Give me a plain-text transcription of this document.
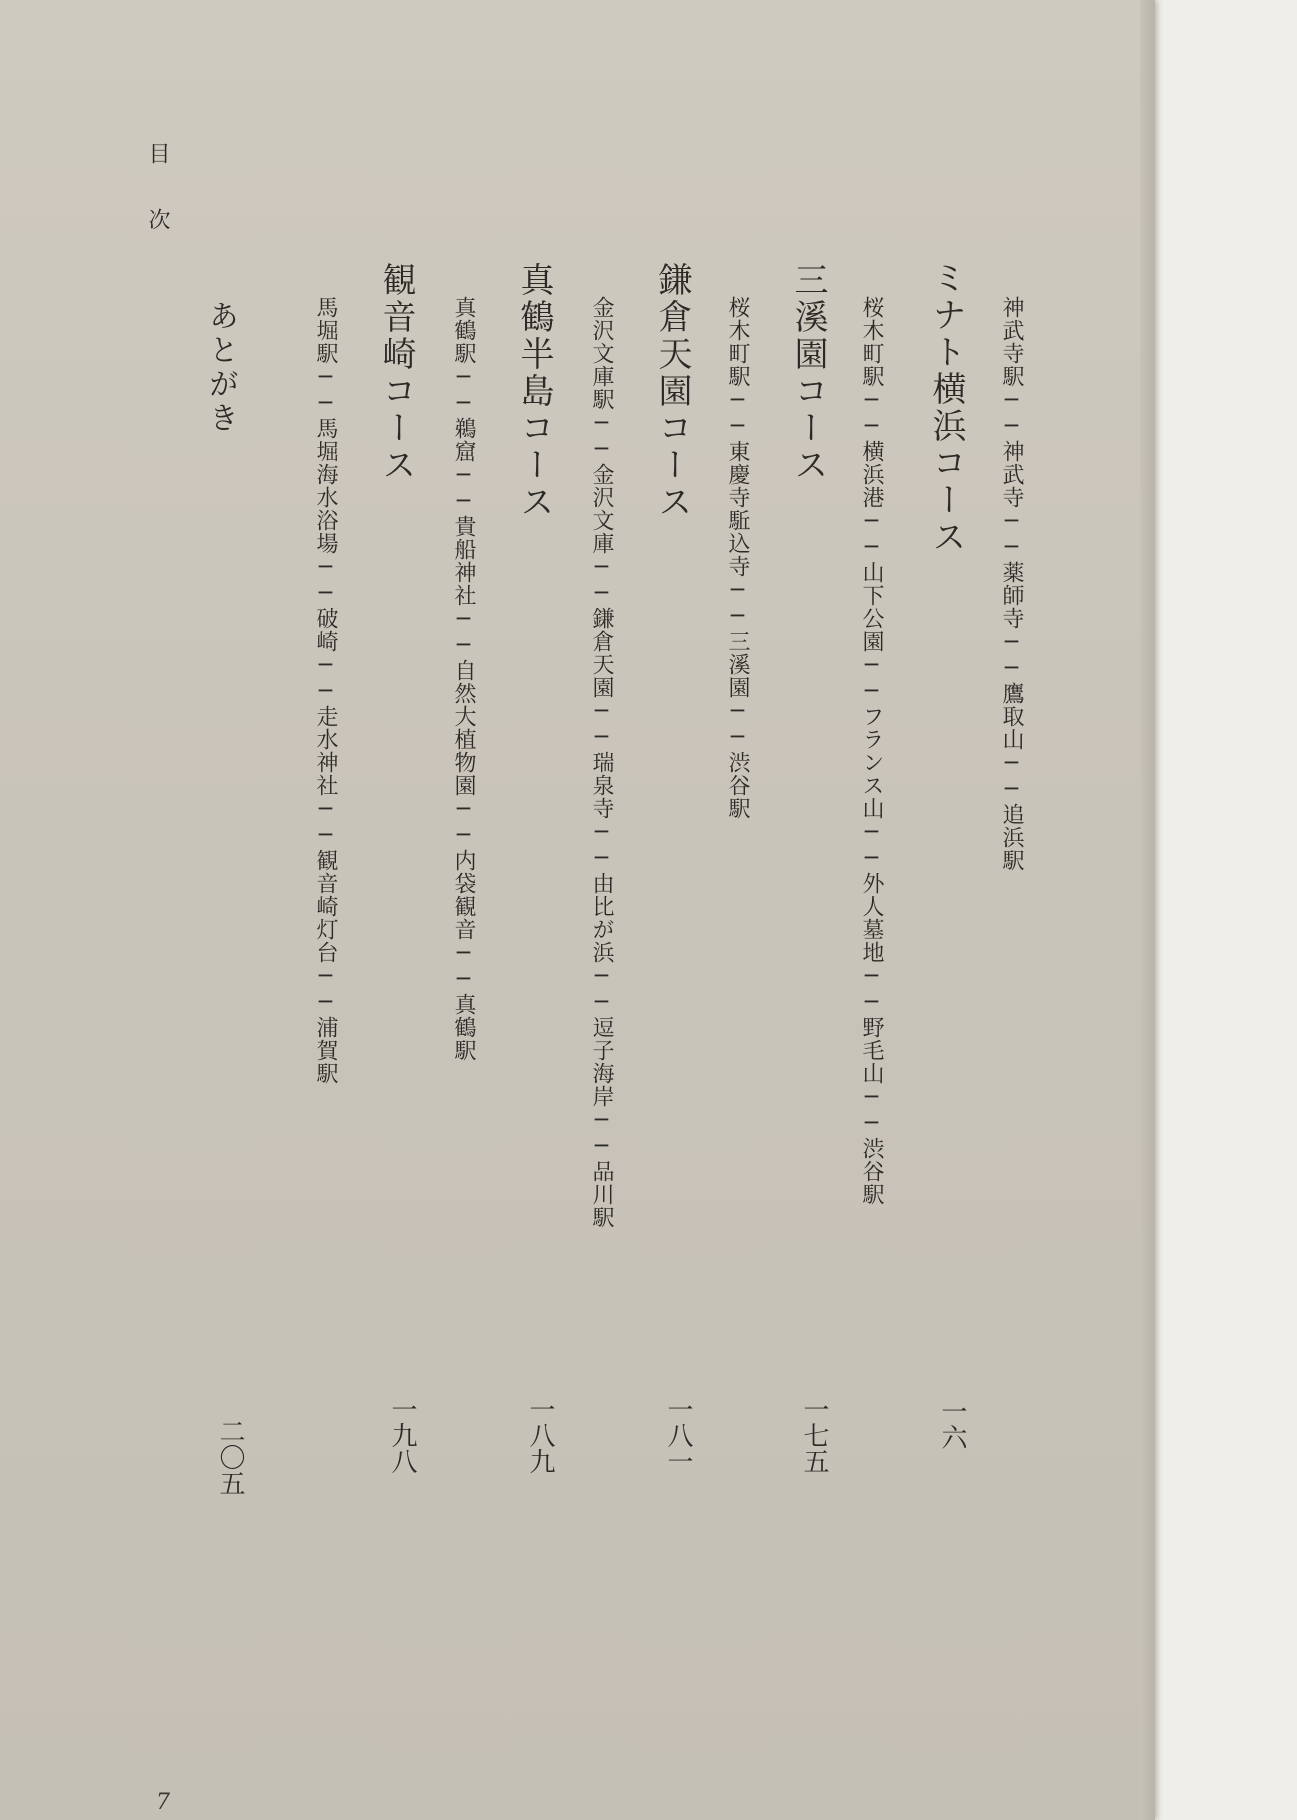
目次
神武寺駅──神武寺──薬師寺──鷹取山──追浜駅
ミナト横浜コース
桜木町駅──横浜港──山下公園──フランス山──外人墓地──野毛山──渋谷駅
一六
三溪園コース
桜木町駅──東慶寺駈込寺──三溪園──渋谷駅
一七五
鎌倉天園コース
金沢文庫駅──金沢文庫──鎌倉天園──瑞泉寺──由比が浜──逗子海岸──品川駅
一八一
真鶴半島コース
真鶴駅──鵜窟──貴船神社──自然大植物園──内袋観音──真鶴駅
一八九
観音崎コース
馬堀駅──馬堀海水浴場──破崎──走水神社──観音崎灯台──浦賀駅
一九八
あとがき
二〇五
7
